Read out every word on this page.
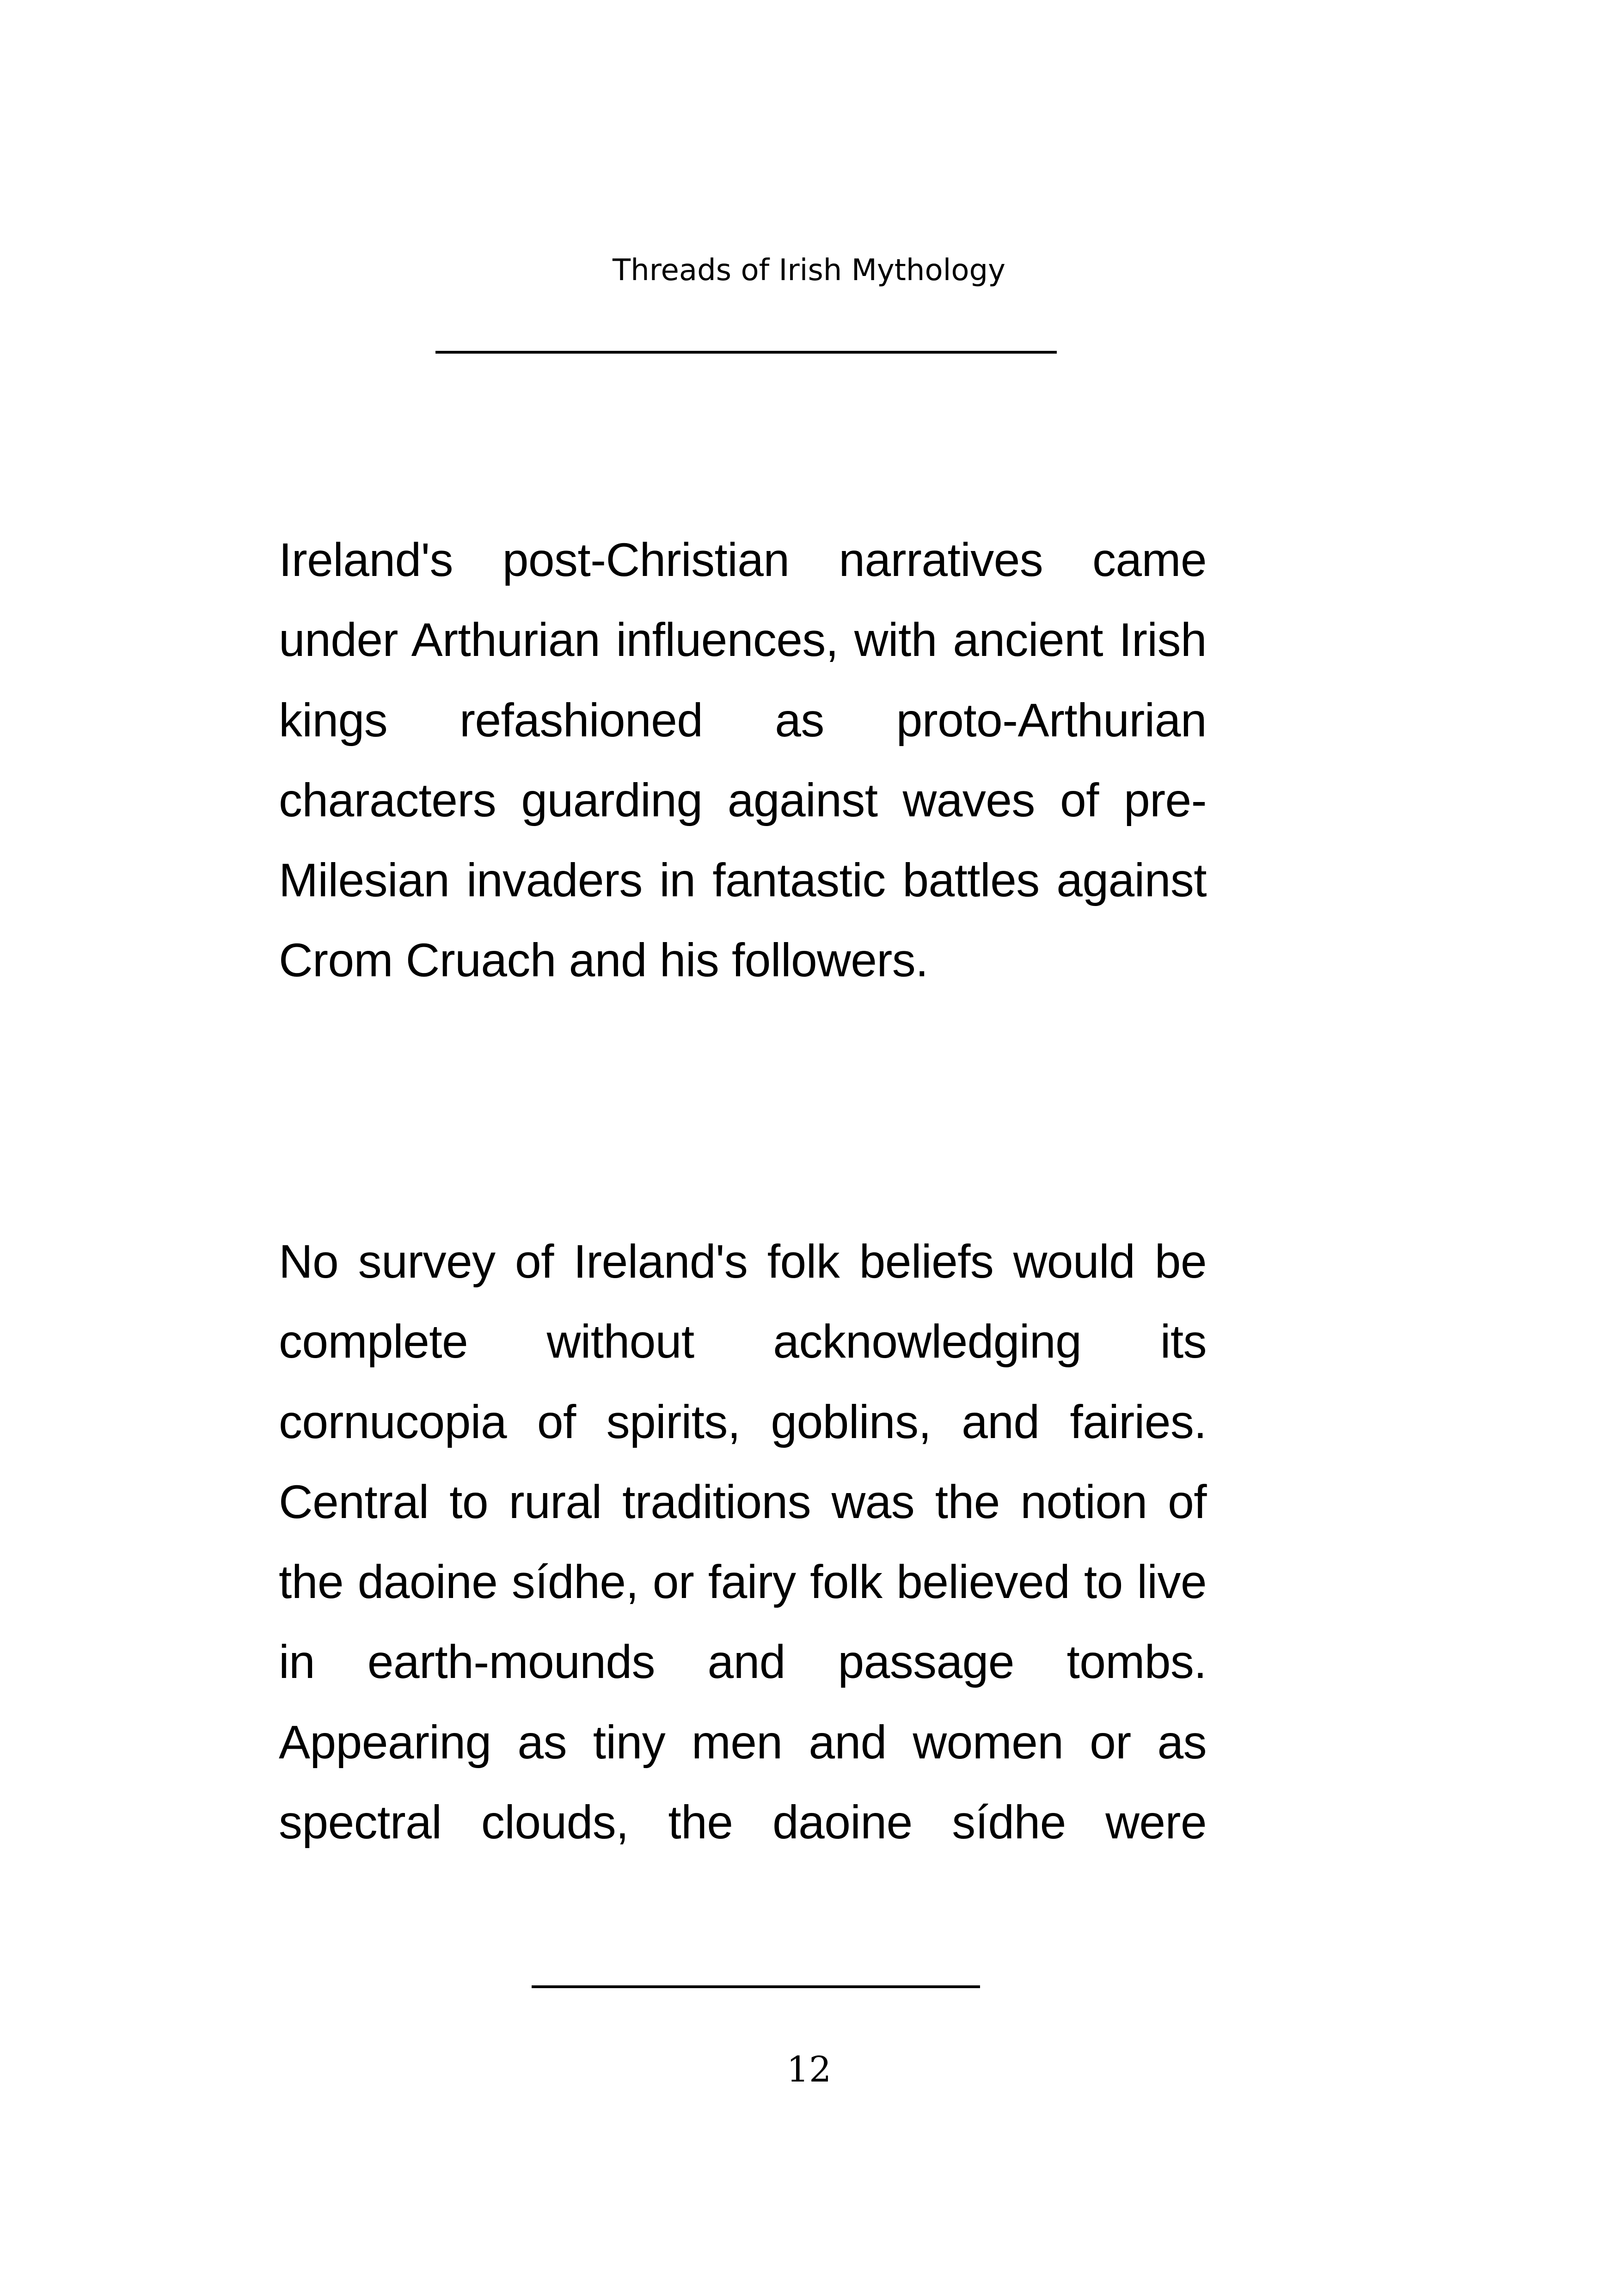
Threads of Irish Mythology

Ireland's post-Christian narratives came
under Arthurian influences, with ancient Irish
kings refashioned as proto-Arthurian
characters guarding against waves of pre-
Milesian invaders in fantastic battles against
Crom Cruach and his followers.

No survey of Ireland's folk beliefs would be
complete without acknowledging its
cornucopia of spirits, goblins, and fairies.
Central to rural traditions was the notion of
the daoine sídhe, or fairy folk believed to live
in earth-mounds and passage tombs.
Appearing as tiny men and women or as
spectral clouds, the daoine sídhe were

12
